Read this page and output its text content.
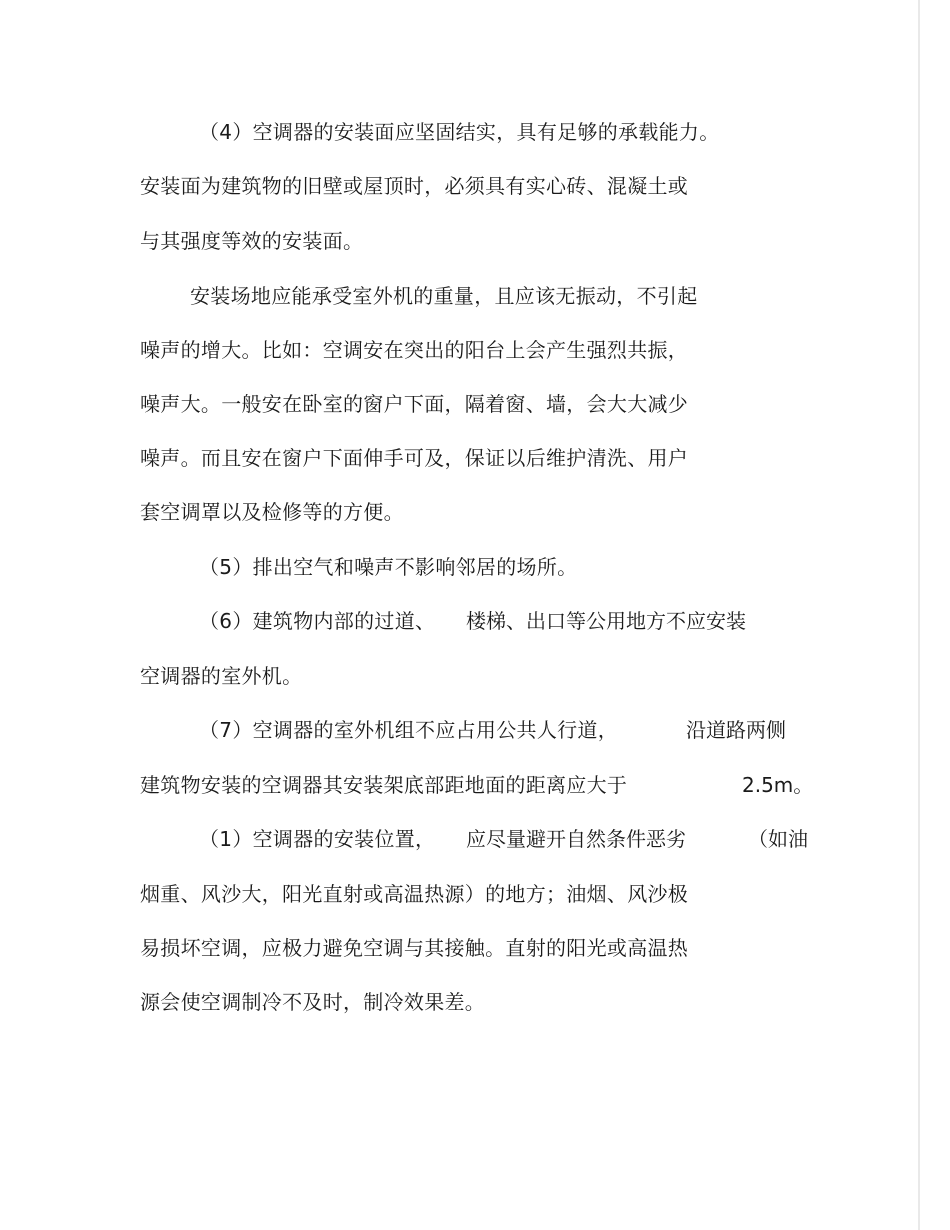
（4）空调器的安装面应坚固结实，具有足够的承载能力。
安装面为建筑物的旧壁或屋顶时，必须具有实心砖、混凝土或
与其强度等效的安装面。
安装场地应能承受室外机的重量，且应该无振动，不引起
噪声的增大。比如：空调安在突出的阳台上会产生强烈共振，
噪声大。一般安在卧室的窗户下面，隔着窗、墙，会大大减少
噪声。而且安在窗户下面伸手可及，保证以后维护清洗、用户
套空调罩以及检修等的方便。
（5）排出空气和噪声不影响邻居的场所。
（6）建筑物内部的过道、 楼梯、出口等公用地方不应安装
空调器的室外机。
（7）空调器的室外机组不应占用公共人行道，	沿道路两侧
建筑物安装的空调器其安装架底部距地面的距离应大于	2.5m。
（1）空调器的安装位置， 应尽量避开自然条件恶劣	（如油
烟重、风沙大，阳光直射或高温热源）的地方；油烟、风沙极
易损坏空调，应极力避免空调与其接触。直射的阳光或高温热
源会使空调制冷不及时，制冷效果差。
